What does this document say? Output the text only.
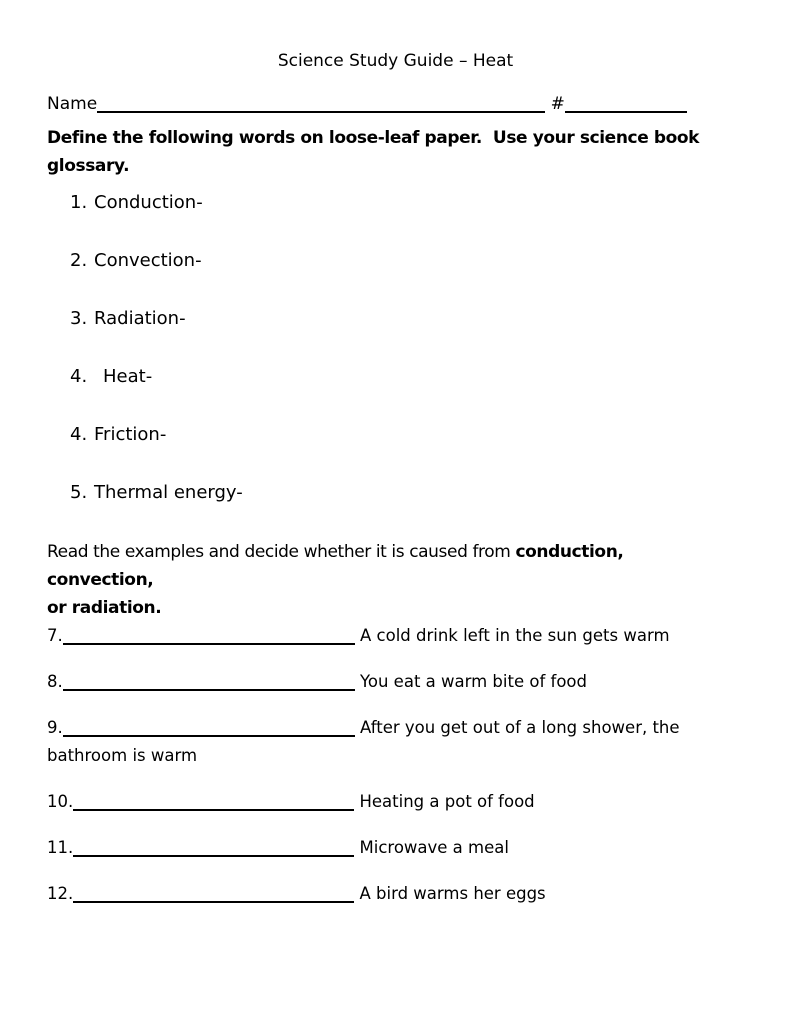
Science Study Guide – Heat

Name	#

Define the following words on loose-leaf paper.  Use your science book
glossary.

1. Conduction-
2. Convection-
3. Radiation-
4. Heat-
4. Friction-
5. Thermal energy-

Read the examples and decide whether it is caused from conduction, convection,
or radiation.

7.	A cold drink left in the sun gets warm

8.	You eat a warm bite of food

9.	After you get out of a long shower, the
bathroom is warm

10.	Heating a pot of food

11.	Microwave a meal

12.	A bird warms her eggs
